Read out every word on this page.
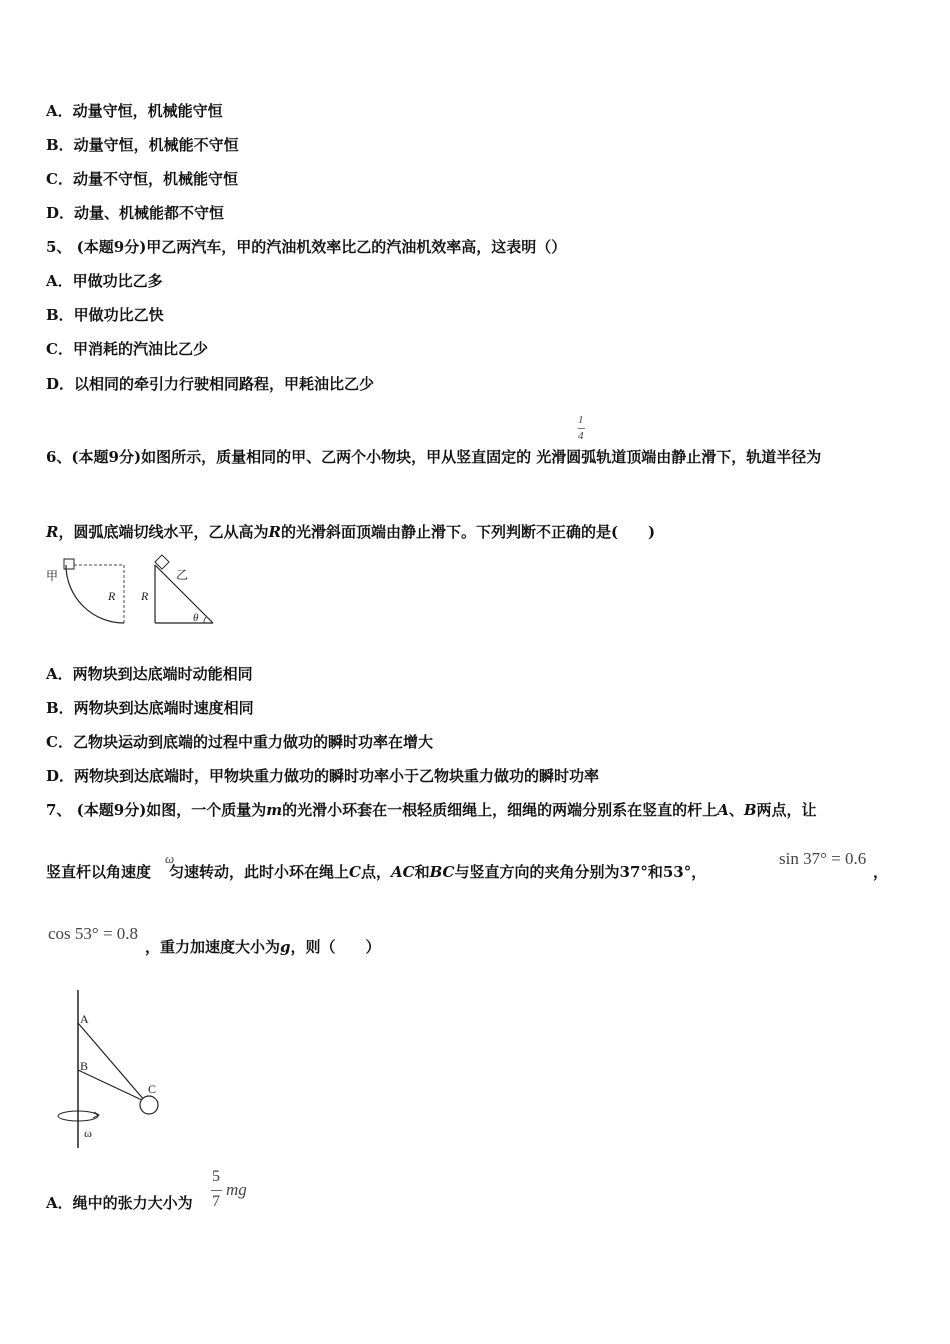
A．动量守恒，机械能守恒
B．动量守恒，机械能不守恒
C．动量不守恒，机械能守恒
D．动量、机械能都不守恒
5、 (本题9分)甲乙两汽车，甲的汽油机效率比乙的汽油机效率高，这表明（）
A．甲做功比乙多
B．甲做功比乙快
C．甲消耗的汽油比乙少
D．以相同的牵引力行驶相同路程，甲耗油比乙少
1
4
6、(本题9分)如图所示，质量相同的甲、乙两个小物块，甲从竖直固定的 光滑圆弧轨道顶端由静止滑下，轨道半径为
R，圆弧底端切线水平，乙从高为R的光滑斜面顶端由静止滑下。下列判断不正确的是(　　)
甲
R
乙
R
θ
A．两物块到达底端时动能相同
B．两物块到达底端时速度相同
C．乙物块运动到底端的过程中重力做功的瞬时功率在增大
D．两物块到达底端时，甲物块重力做功的瞬时功率小于乙物块重力做功的瞬时功率
7、 (本题9分)如图，一个质量为m的光滑小环套在一根轻质细绳上，细绳的两端分别系在竖直的杆上A、B两点，让
竖直杆以角速度 匀速转动，此时小环在绳上C点，AC和BC与竖直方向的夹角分别为37°和53°，
ω	sin 37° = 0.6
，
cos 53° = 0.8
，重力加速度大小为g，则（　　）
A
B
C
ω
A．绳中的张力大小为
5
7
mg
